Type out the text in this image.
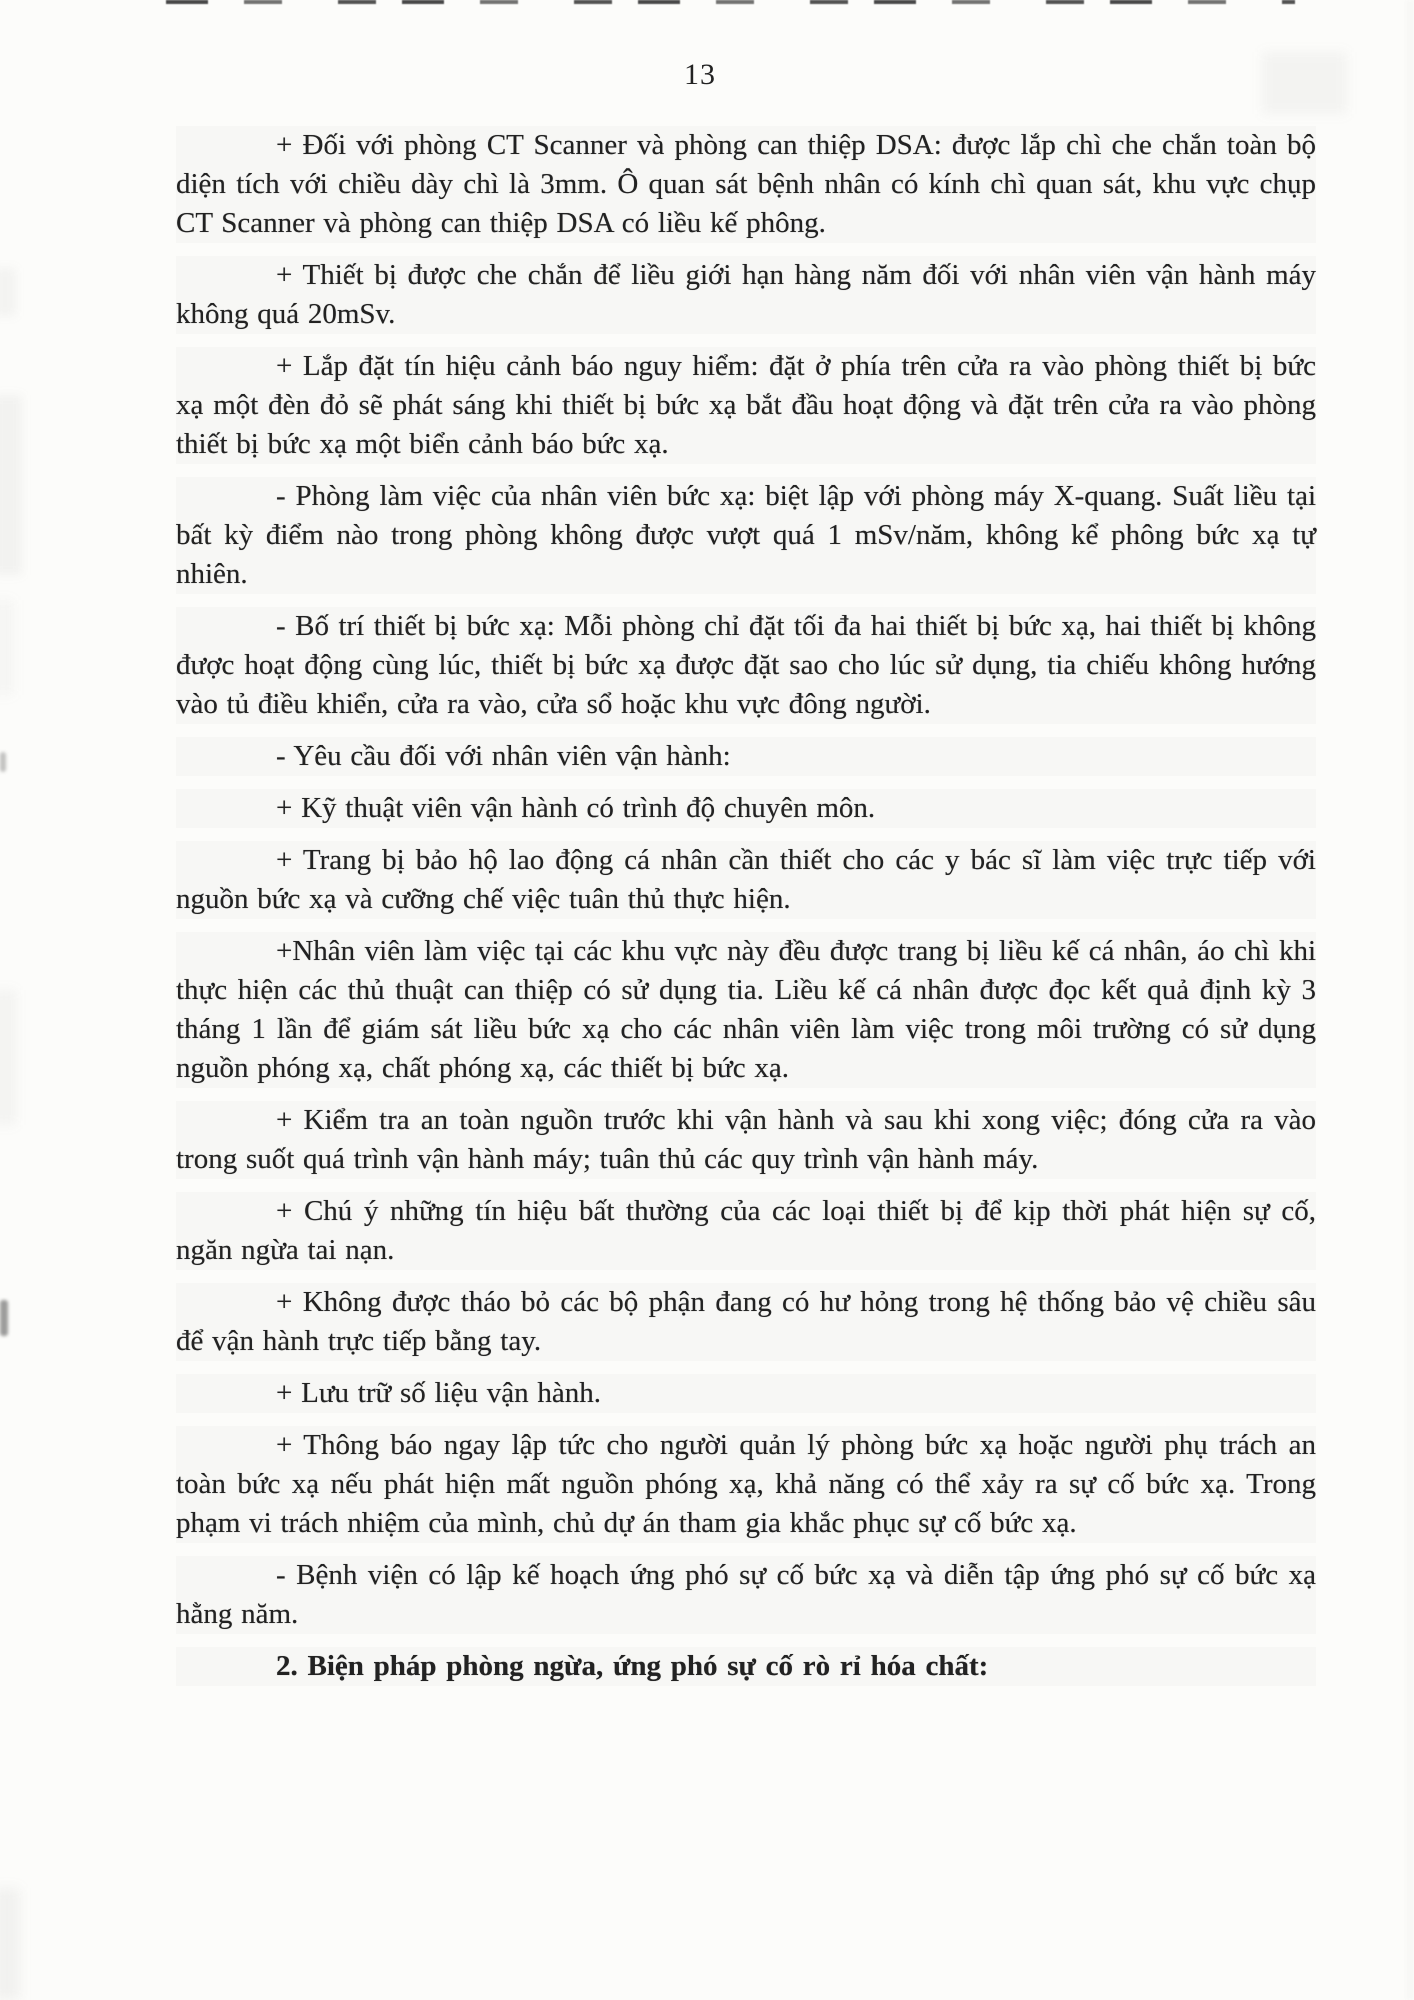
13

+ Đối với phòng CT Scanner và phòng can thiệp DSA: được lắp chì che chắn toàn bộ diện tích với chiều dày chì là 3mm. Ô quan sát bệnh nhân có kính chì quan sát, khu vực chụp CT Scanner và phòng can thiệp DSA có liều kế phông.

+ Thiết bị được che chắn để liều giới hạn hàng năm đối với nhân viên vận hành máy không quá 20mSv.

+ Lắp đặt tín hiệu cảnh báo nguy hiểm: đặt ở phía trên cửa ra vào phòng thiết bị bức xạ một đèn đỏ sẽ phát sáng khi thiết bị bức xạ bắt đầu hoạt động và đặt trên cửa ra vào phòng thiết bị bức xạ một biển cảnh báo bức xạ.

- Phòng làm việc của nhân viên bức xạ: biệt lập với phòng máy X-quang. Suất liều tại bất kỳ điểm nào trong phòng không được vượt quá 1 mSv/năm, không kể phông bức xạ tự nhiên.

- Bố trí thiết bị bức xạ: Mỗi phòng chỉ đặt tối đa hai thiết bị bức xạ, hai thiết bị không được hoạt động cùng lúc, thiết bị bức xạ được đặt sao cho lúc sử dụng, tia chiếu không hướng vào tủ điều khiển, cửa ra vào, cửa sổ hoặc khu vực đông người.

- Yêu cầu đối với nhân viên vận hành:

+ Kỹ thuật viên vận hành có trình độ chuyên môn.

+ Trang bị bảo hộ lao động cá nhân cần thiết cho các y bác sĩ làm việc trực tiếp với nguồn bức xạ và cưỡng chế việc tuân thủ thực hiện.

+Nhân viên làm việc tại các khu vực này đều được trang bị liều kế cá nhân, áo chì khi thực hiện các thủ thuật can thiệp có sử dụng tia. Liều kế cá nhân được đọc kết quả định kỳ 3 tháng 1 lần để giám sát liều bức xạ cho các nhân viên làm việc trong môi trường có sử dụng nguồn phóng xạ, chất phóng xạ, các thiết bị bức xạ.

+ Kiểm tra an toàn nguồn trước khi vận hành và sau khi xong việc; đóng cửa ra vào trong suốt quá trình vận hành máy; tuân thủ các quy trình vận hành máy.

+ Chú ý những tín hiệu bất thường của các loại thiết bị để kịp thời phát hiện sự cố, ngăn ngừa tai nạn.

+ Không được tháo bỏ các bộ phận đang có hư hỏng trong hệ thống bảo vệ chiều sâu để vận hành trực tiếp bằng tay.

+ Lưu trữ số liệu vận hành.

+ Thông báo ngay lập tức cho người quản lý phòng bức xạ hoặc người phụ trách an toàn bức xạ nếu phát hiện mất nguồn phóng xạ, khả năng có thể xảy ra sự cố bức xạ. Trong phạm vi trách nhiệm của mình, chủ dự án tham gia khắc phục sự cố bức xạ.

- Bệnh viện có lập kế hoạch ứng phó sự cố bức xạ và diễn tập ứng phó sự cố bức xạ hằng năm.

2. Biện pháp phòng ngừa, ứng phó sự cố rò rỉ hóa chất:
